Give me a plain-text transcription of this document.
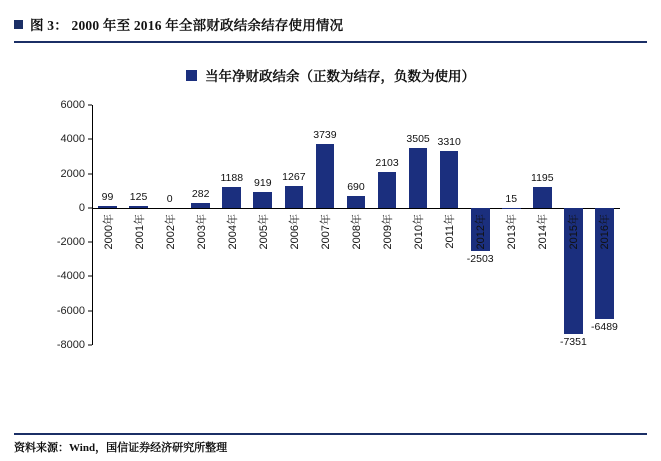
图 3： 2000 年至 2016 年全部财政结余结存使用情况
当年净财政结余（正数为结存，负数为使用）
99
2000年
125
2001年
0
2002年
282
2003年
1188
2004年
919
2005年
1267
2006年
3739
2007年
690
2008年
2103
2009年
3505
2010年
3310
2011年
-2503
2012年
15
2013年
1195
2014年
-7351
2015年
-6489
2016年
6000
4000
2000
0
-2000
-4000
-6000
-8000
资料来源：Wind，国信证券经济研究所整理
